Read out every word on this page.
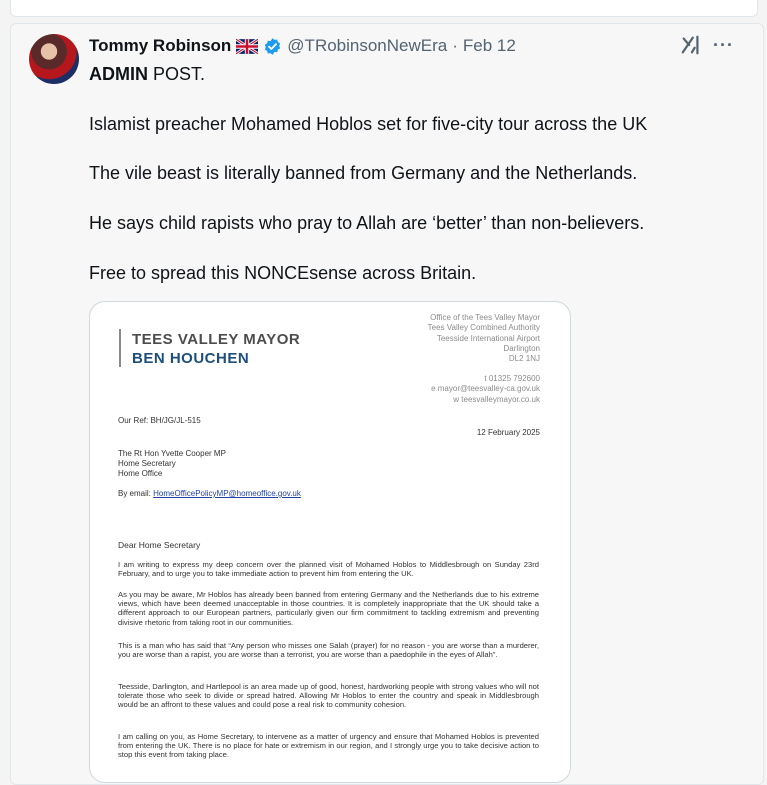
Tommy Robinson	@TRobinsonNewEra · Feb 12	···
ADMIN POST.
Islamist preacher Mohamed Hoblos set for five-city tour across the UK
The vile beast is literally banned from Germany and the Netherlands.
He says child rapists who pray to Allah are ‘better’ than non-believers.
Free to spread this NONCEsense across Britain.
TEES VALLEY MAYOR
BEN HOUCHEN
Office of the Tees Valley Mayor
Tees Valley Combined Authority
Teesside International Airport
Darlington
DL2 1NJ
t 01325 792600
e mayor@teesvalley-ca.gov.uk
w teesvalleymayor.co.uk
Our Ref: BH/JG/JL-515
12 February 2025
The Rt Hon Yvette Cooper MP
Home Secretary
Home Office
By email: HomeOfficePolicyMP@homeoffice.gov.uk
Dear Home Secretary
I am writing to express my deep concern over the planned visit of Mohamed Hoblos to Middlesbrough on Sunday 23rd February, and to urge you to take immediate action to prevent him from entering the UK.
As you may be aware, Mr Hoblos has already been banned from entering Germany and the Netherlands due to his extreme views, which have been deemed unacceptable in those countries. It is completely inappropriate that the UK should take a different approach to our European partners, particularly given our firm commitment to tackling extremism and preventing divisive rhetoric from taking root in our communities.
This is a man who has said that “Any person who misses one Salah (prayer) for no reason - you are worse than a murderer, you are worse than a rapist, you are worse than a terrorist, you are worse than a paedophile in the eyes of Allah”.
Teesside, Darlington, and Hartlepool is an area made up of good, honest, hardworking people with strong values who will not tolerate those who seek to divide or spread hatred. Allowing Mr Hoblos to enter the country and speak in Middlesbrough would be an affront to these values and could pose a real risk to community cohesion.
I am calling on you, as Home Secretary, to intervene as a matter of urgency and ensure that Mohamed Hoblos is prevented from entering the UK. There is no place for hate or extremism in our region, and I strongly urge you to take decisive action to stop this event from taking place.
